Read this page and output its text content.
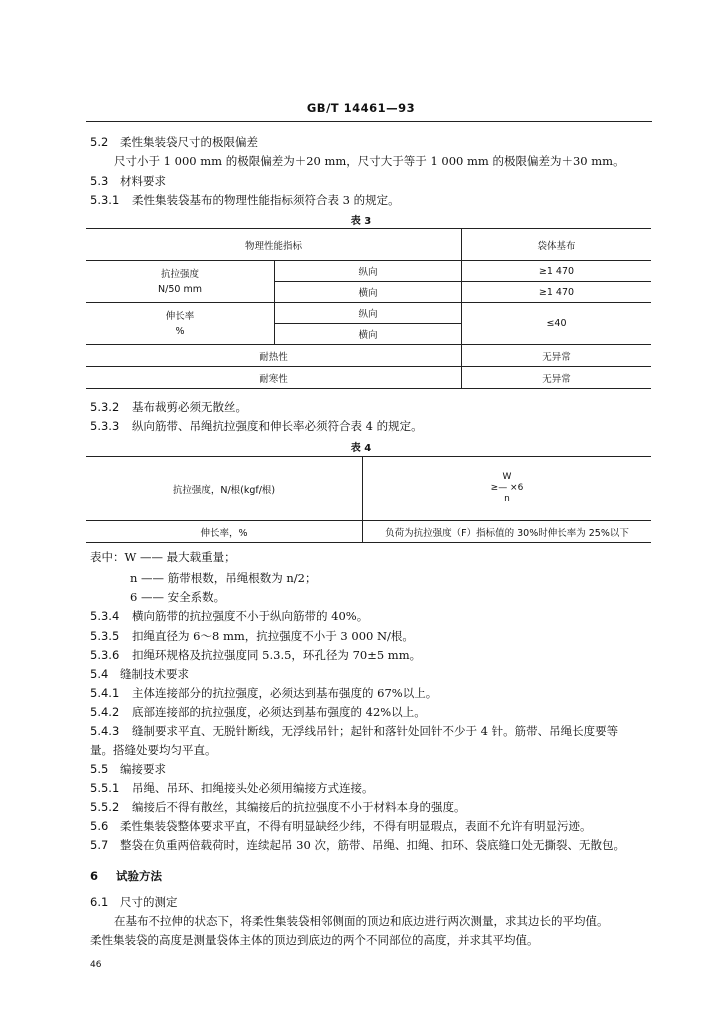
GB/T 14461—93
5.2 柔性集装袋尺寸的极限偏差
尺寸小于 1 000 mm 的极限偏差为＋20 mm，尺寸大于等于 1 000 mm 的极限偏差为＋30 mm。
5.3 材料要求
5.3.1 柔性集装袋基布的物理性能指标须符合表 3 的规定。
表 3
物理性能指标		袋体基布
抗拉强度
N/50 mm	纵向	≥1 470
	横向	≥1 470
伸长率
%	纵向	≤40
	横向	
耐热性		无异常
耐寒性		无异常
5.3.2 基布裁剪必须无散丝。
5.3.3 纵向筋带、吊绳抗拉强度和伸长率必须符合表 4 的规定。
表 4
抗拉强度，N/根(kgf/根)	W
≥— ×6
n

伸长率，%	负荷为抗拉强度（F）指标值的 30%时伸长率为 25%以下
表中：W —— 最大载重量；
n —— 筋带根数，吊绳根数为 n/2；
6 —— 安全系数。
5.3.4 横向筋带的抗拉强度不小于纵向筋带的 40%。
5.3.5 扣绳直径为 6～8 mm，抗拉强度不小于 3 000 N/根。
5.3.6 扣绳环规格及抗拉强度同 5.3.5，环孔径为 70±5 mm。
5.4 缝制技术要求
5.4.1 主体连接部分的抗拉强度，必须达到基布强度的 67%以上。
5.4.2 底部连接部的抗拉强度，必须达到基布强度的 42%以上。
5.4.3 缝制要求平直、无脱针断线，无浮线吊针；起针和落针处回针不少于 4 针。筋带、吊绳长度要等
量。搭缝处要均匀平直。
5.5 编接要求
5.5.1 吊绳、吊环、扣绳接头处必须用编接方式连接。
5.5.2 编接后不得有散丝，其编接后的抗拉强度不小于材料本身的强度。
5.6 柔性集装袋整体要求平直，不得有明显缺经少纬，不得有明显瑕点，表面不允许有明显污迹。
5.7 整袋在负重两倍载荷时，连续起吊 30 次，筋带、吊绳、扣绳、扣环、袋底缝口处无撕裂、无散包。
6 试验方法
6.1 尺寸的测定
在基布不拉伸的状态下，将柔性集装袋相邻侧面的顶边和底边进行两次测量，求其边长的平均值。
柔性集装袋的高度是测量袋体主体的顶边到底边的两个不同部位的高度，并求其平均值。
46
